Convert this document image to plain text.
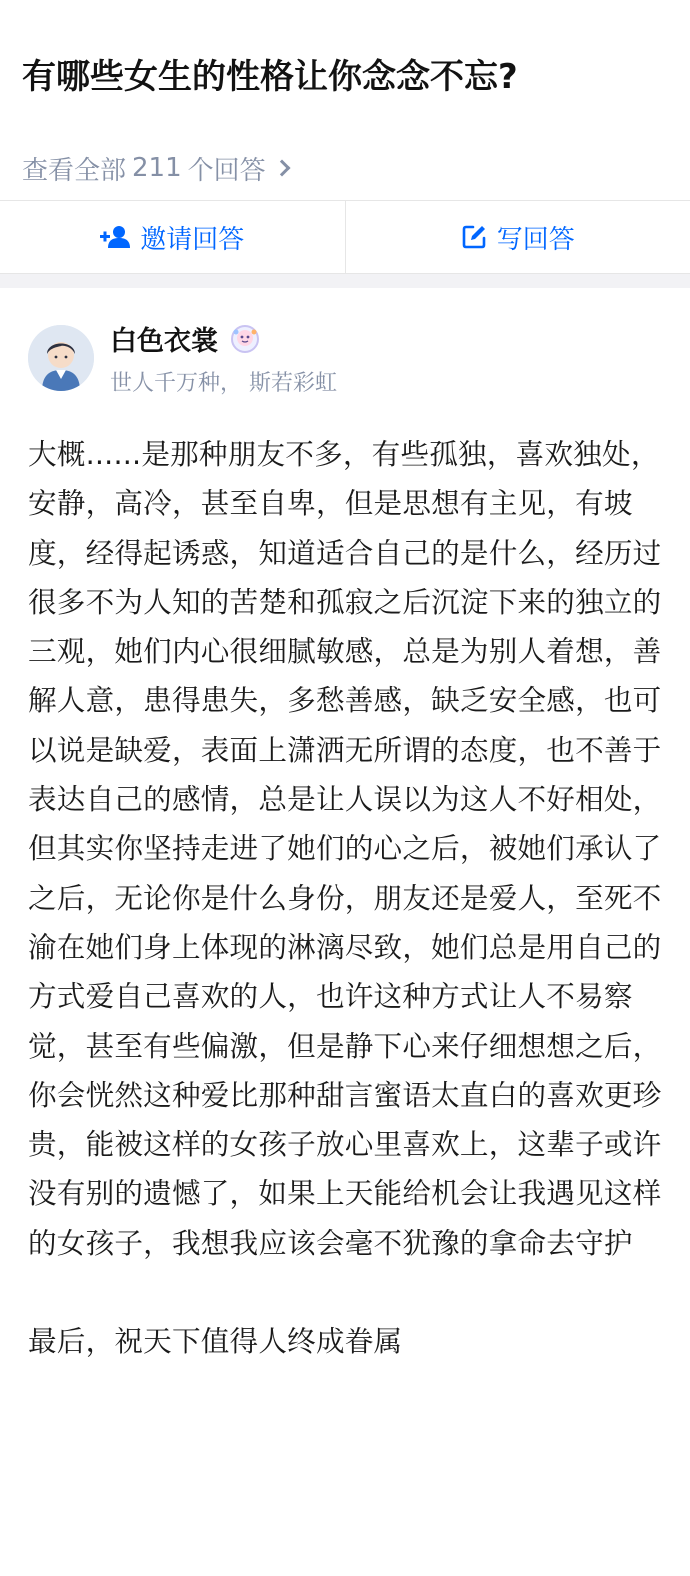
有哪些女生的性格让你念念不忘?
查看全部 211 个回答
邀请回答	写回答
白色衣裳
世人千万种， 斯若彩虹

大概......是那种朋友不多，有些孤独，喜欢独处，安静，高冷，甚至自卑，但是思想有主见，有坡度，经得起诱惑，知道适合自己的是什么，经历过很多不为人知的苦楚和孤寂之后沉淀下来的独立的三观，她们内心很细腻敏感，总是为别人着想，善解人意，患得患失，多愁善感，缺乏安全感，也可以说是缺爱，表面上潇洒无所谓的态度，也不善于表达自己的感情，总是让人误以为这人不好相处，但其实你坚持走进了她们的心之后，被她们承认了之后，无论你是什么身份，朋友还是爱人，至死不渝在她们身上体现的淋漓尽致，她们总是用自己的方式爱自己喜欢的人，也许这种方式让人不易察觉，甚至有些偏激，但是静下心来仔细想想之后，你会恍然这种爱比那种甜言蜜语太直白的喜欢更珍贵，能被这样的女孩子放心里喜欢上，这辈子或许没有别的遗憾了，如果上天能给机会让我遇见这样的女孩子，我想我应该会毫不犹豫的拿命去守护

最后，祝天下值得人终成眷属
